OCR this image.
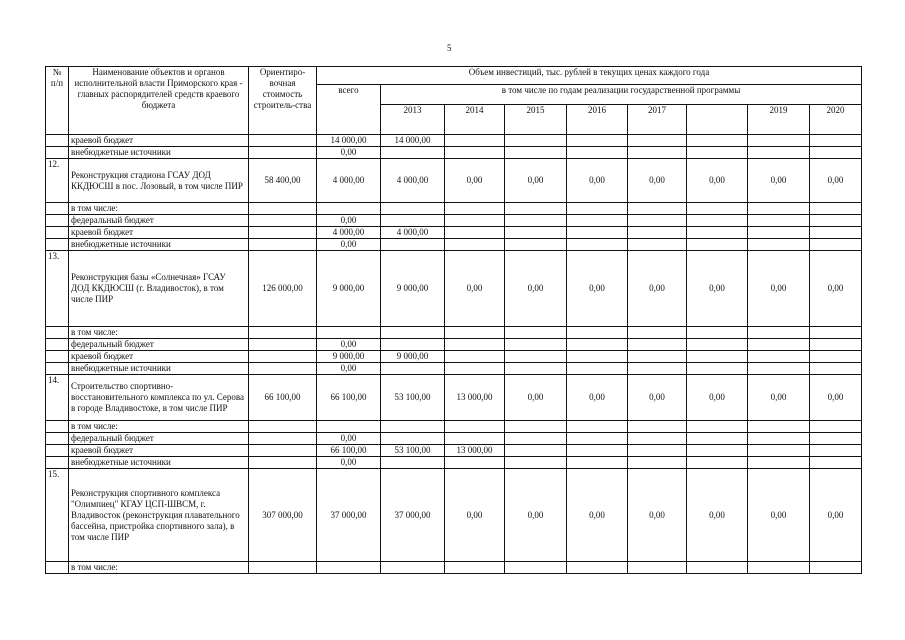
5
№ п/п	Наименование объектов и органов исполнительной власти Приморского края - главных распорядителей средств краевого бюджета	Ориентиро-вочная стоимость строитель-ства	Объем инвестиций, тыс. рублей в текущих ценах каждого года								
			всего	в том числе по годам реализации государственной программы							
				2013	2014	2015	2016	2017		2019	2020
	краевой бюджет		14 000,00	14 000,00							
	внебюджетные источники		0,00								
12.	Реконструкция стадиона ГСАУ ДОД ККДЮСШ в пос. Лозовый, в том числе ПИР	58 400,00	4 000,00	4 000,00	0,00	0,00	0,00	0,00	0,00	0,00	0,00
	в том числе:										
	федеральный бюджет		0,00								
	краевой бюджет		4 000,00	4 000,00							
	внебюджетные источники		0,00								
13.	Реконструкция базы «Солнечная» ГСАУ ДОД ККДЮСШ (г. Владивосток), в том числе ПИР	126 000,00	9 000,00	9 000,00	0,00	0,00	0,00	0,00	0,00	0,00	0,00
	в том числе:										
	федеральный бюджет		0,00								
	краевой бюджет		9 000,00	9 000,00							
	внебюджетные источники		0,00								
14.	Строительство спортивно-восстановительного комплекса по ул. Серова в городе Владивостоке, в том числе ПИР	66 100,00	66 100,00	53 100,00	13 000,00	0,00	0,00	0,00	0,00	0,00	0,00
	в том числе:										
	федеральный бюджет		0,00								
	краевой бюджет		66 100,00	53 100,00	13 000,00						
	внебюджетные источники		0,00								
15.	Реконструкция спортивного комплекса "Олимпиец" КГАУ ЦСП-ШВСМ, г. Владивосток (реконструкция плавательного бассейна, пристройка спортивного зала), в том числе ПИР	307 000,00	37 000,00	37 000,00	0,00	0,00	0,00	0,00	0,00	0,00	0,00
	в том числе:										
